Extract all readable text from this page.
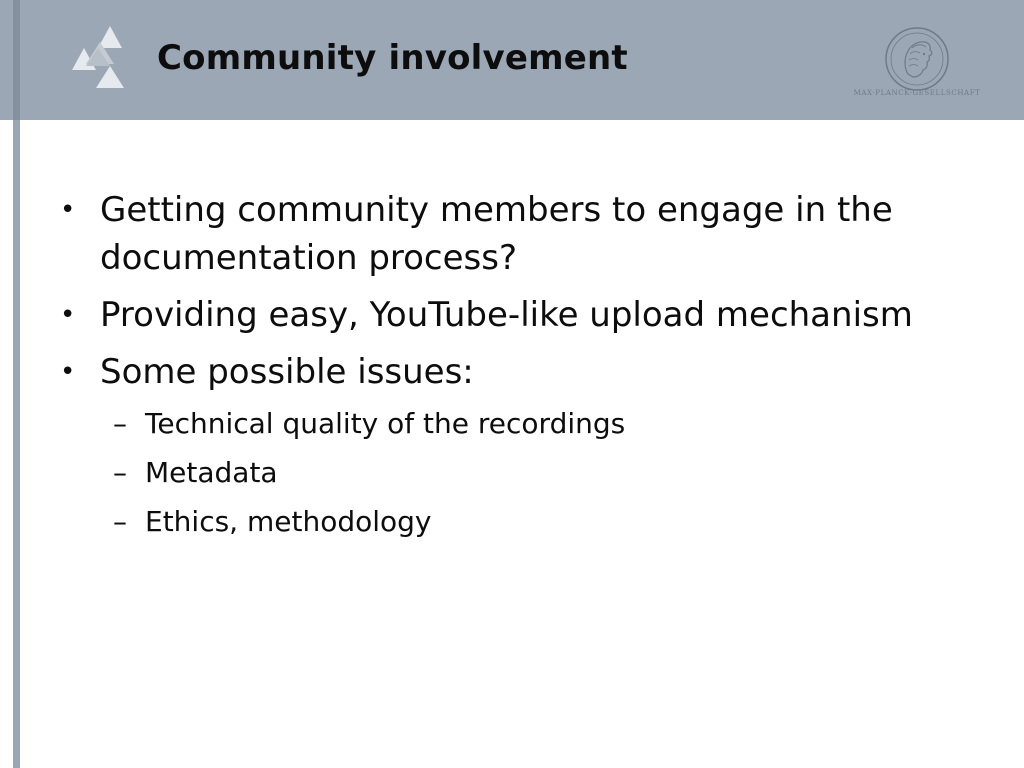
Community involvement
MAX-PLANCK-GESELLSCHAFT
• Getting community members to engage in the documentation process?
• Providing easy, YouTube-like upload mechanism
• Some possible issues:
– Technical quality of the recordings
– Metadata
– Ethics, methodology
